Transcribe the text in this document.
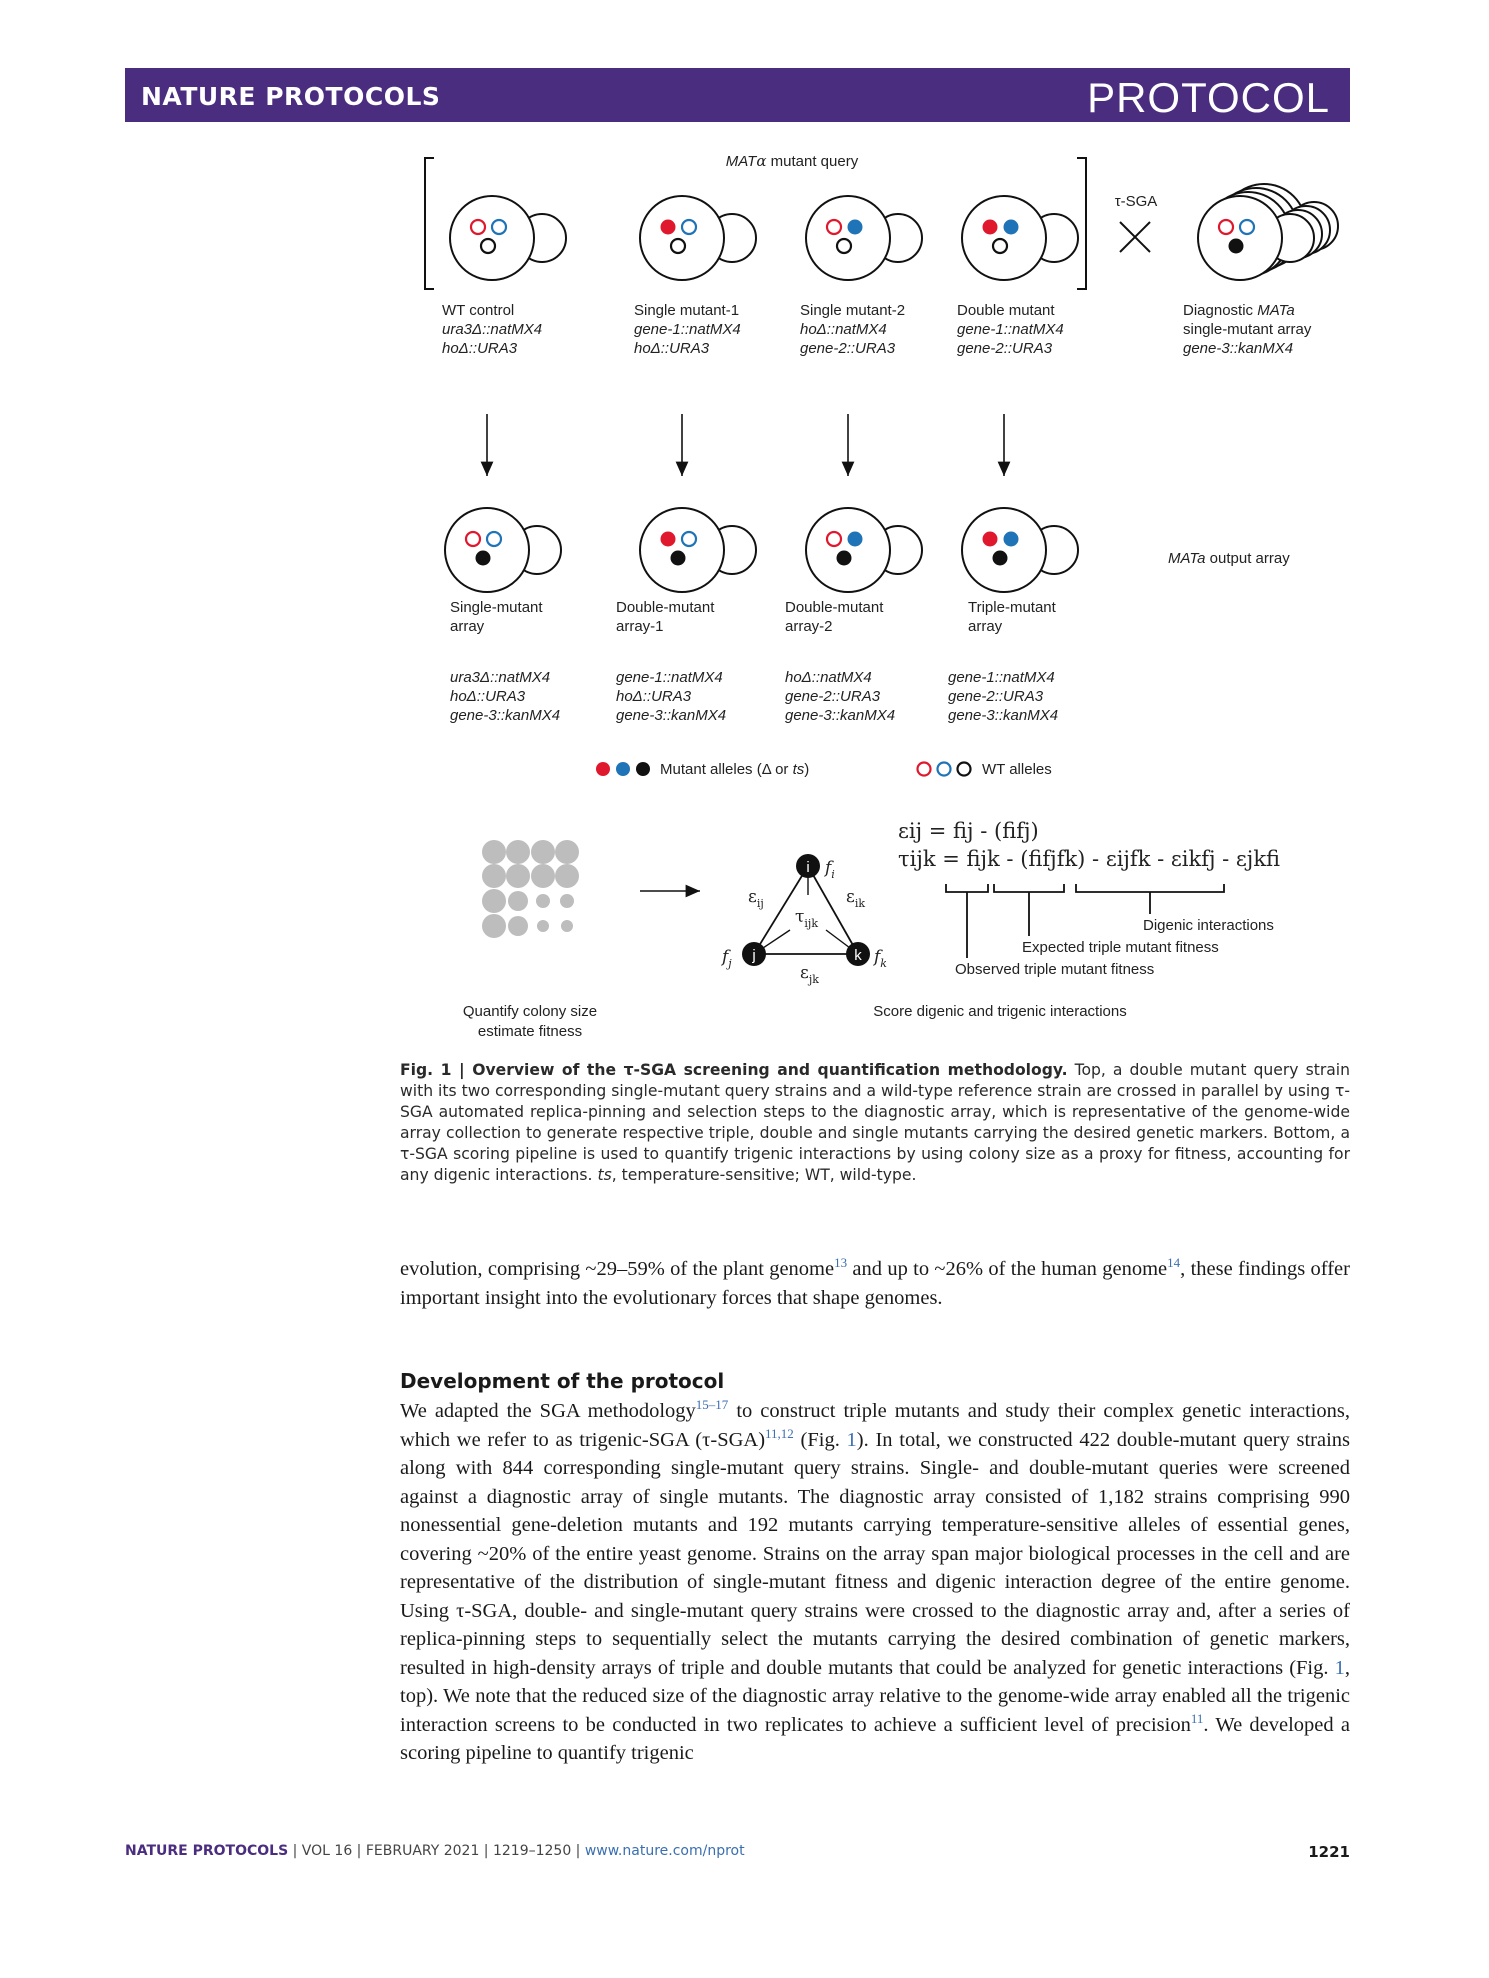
NATURE PROTOCOLS	PROTOCOL
MATα mutant query
τ-SGA
WT control
ura3Δ::natMX4
hoΔ::URA3
Single mutant-1
gene-1::natMX4
hoΔ::URA3
Single mutant-2
hoΔ::natMX4
gene-2::URA3
Double mutant
gene-1::natMX4
gene-2::URA3
Diagnostic MATa
single-mutant array
gene-3::kanMX4
MATa output array
Single-mutant
array
ura3Δ::natMX4
hoΔ::URA3
gene-3::kanMX4
Double-mutant
array-1
gene-1::natMX4
hoΔ::URA3
gene-3::kanMX4
Double-mutant
array-2
hoΔ::natMX4
gene-2::URA3
gene-3::kanMX4
Triple-mutant
array
gene-1::natMX4
gene-2::URA3
gene-3::kanMX4
Mutant alleles (Δ or ts)	WT alleles
Quantify colony size
estimate fitness
i
j	k
$f_i$
$f_j$	$f_k$
$\varepsilon_{ij}$	$\varepsilon_{ik}$
$\tau_{ijk}$
$\varepsilon_{jk}$
εij = fij - (fifj)
τijk = fijk - (fifjfk) - εijfk - εikfj - εjkfi
Digenic interactions
Expected triple mutant fitness
Observed triple mutant fitness
Score digenic and trigenic interactions
Fig. 1 | Overview of the τ-SGA screening and quantification methodology. Top, a double mutant query strain with its two corresponding single-mutant query strains and a wild-type reference strain are crossed in parallel by using τ-SGA automated replica-pinning and selection steps to the diagnostic array, which is representative of the genome-wide array collection to generate respective triple, double and single mutants carrying the desired genetic markers. Bottom, a τ-SGA scoring pipeline is used to quantify trigenic interactions by using colony size as a proxy for fitness, accounting for any digenic interactions. ts, temperature-sensitive; WT, wild-type.
evolution, comprising ~29–59% of the plant genome$^{13}$ and up to ~26% of the human genome$^{14}$, these findings offer important insight into the evolutionary forces that shape genomes.
Development of the protocol
We adapted the SGA methodology$^{15-17}$ to construct triple mutants and study their complex genetic interactions, which we refer to as trigenic-SGA (τ-SGA)$^{11,12}$ (Fig. 1). In total, we constructed 422 double-mutant query strains along with 844 corresponding single-mutant query strains. Single- and double-mutant queries were screened against a diagnostic array of single mutants. The diagnostic array consisted of 1,182 strains comprising 990 nonessential gene-deletion mutants and 192 mutants carrying temperature-sensitive alleles of essential genes, covering ~20% of the entire yeast genome. Strains on the array span major biological processes in the cell and are representative of the distribution of single-mutant fitness and digenic interaction degree of the entire genome. Using τ-SGA, double- and single-mutant query strains were crossed to the diagnostic array and, after a series of replica-pinning steps to sequentially select the mutants carrying the desired combination of genetic markers, resulted in high-density arrays of triple and double mutants that could be analyzed for genetic interactions (Fig. 1, top). We note that the reduced size of the diagnostic array relative to the genome-wide array enabled all the trigenic interaction screens to be conducted in two replicates to achieve a sufficient level of precision$^{11}$. We developed a scoring pipeline to quantify trigenic
NATURE PROTOCOLS | VOL 16 | FEBRUARY 2021 | 1219–1250 | www.nature.com/nprot	1221
